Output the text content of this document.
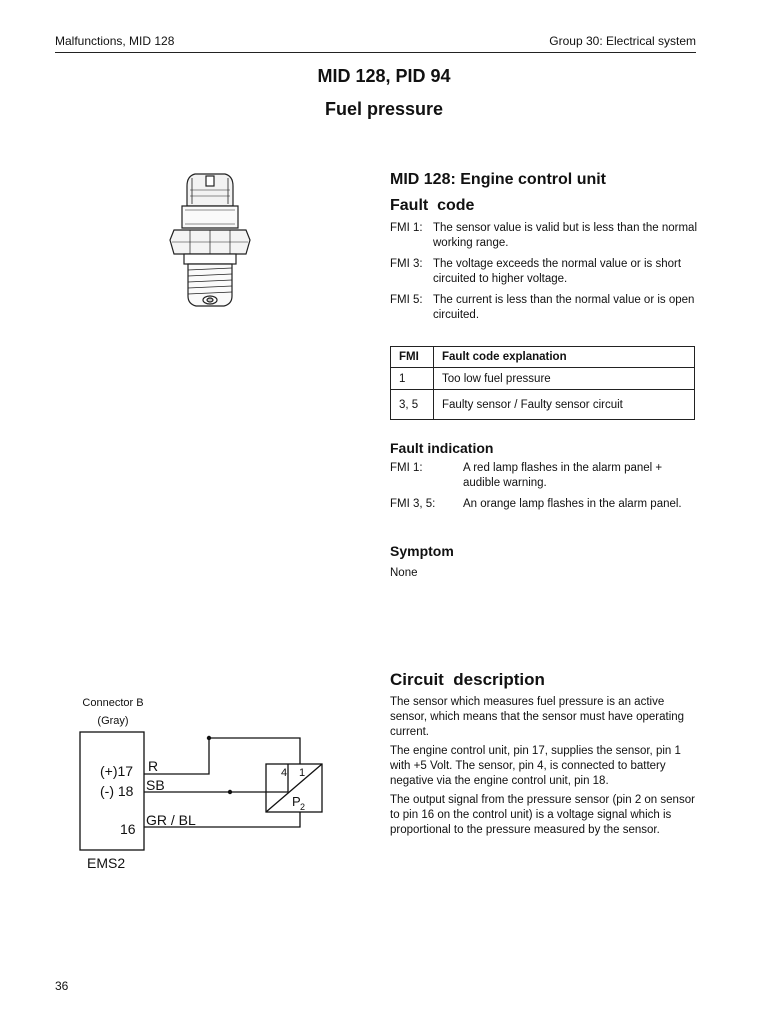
Malfunctions, MID 128	Group 30: Electrical system
MID 128, PID 94
Fuel pressure
MID 128: Engine control unit
Fault  code
FMI 1: The sensor value is valid but is less than the normal working range.
FMI 3: The voltage exceeds the normal value or is short circuited to higher voltage.
FMI 5: The current is less than the normal value or is open circuited.
FMI	Fault code explanation
1	Too low fuel pressure
3, 5	Faulty sensor / Faulty sensor circuit
Fault indication
FMI 1:	A red lamp flashes in the alarm panel + audible warning.
FMI 3, 5:	An orange lamp flashes in the alarm panel.
Symptom
None
Circuit  description

The sensor which measures fuel pressure is an active sensor, which means that the sensor must have operating current.

The engine control unit, pin 17, supplies the sensor, pin 1 with +5 Volt. The sensor, pin 4, is connected to battery negative via the engine control unit, pin 18.

The output signal from the pressure sensor (pin 2 on sensor to pin 16 on the control unit) is a voltage signal which is proportional to the pressure measured by the sensor.

Connector B
(Gray)
(+)17
(-) 18
16
R
SB
GR / BL
4 1
P 2
EMS2
36
